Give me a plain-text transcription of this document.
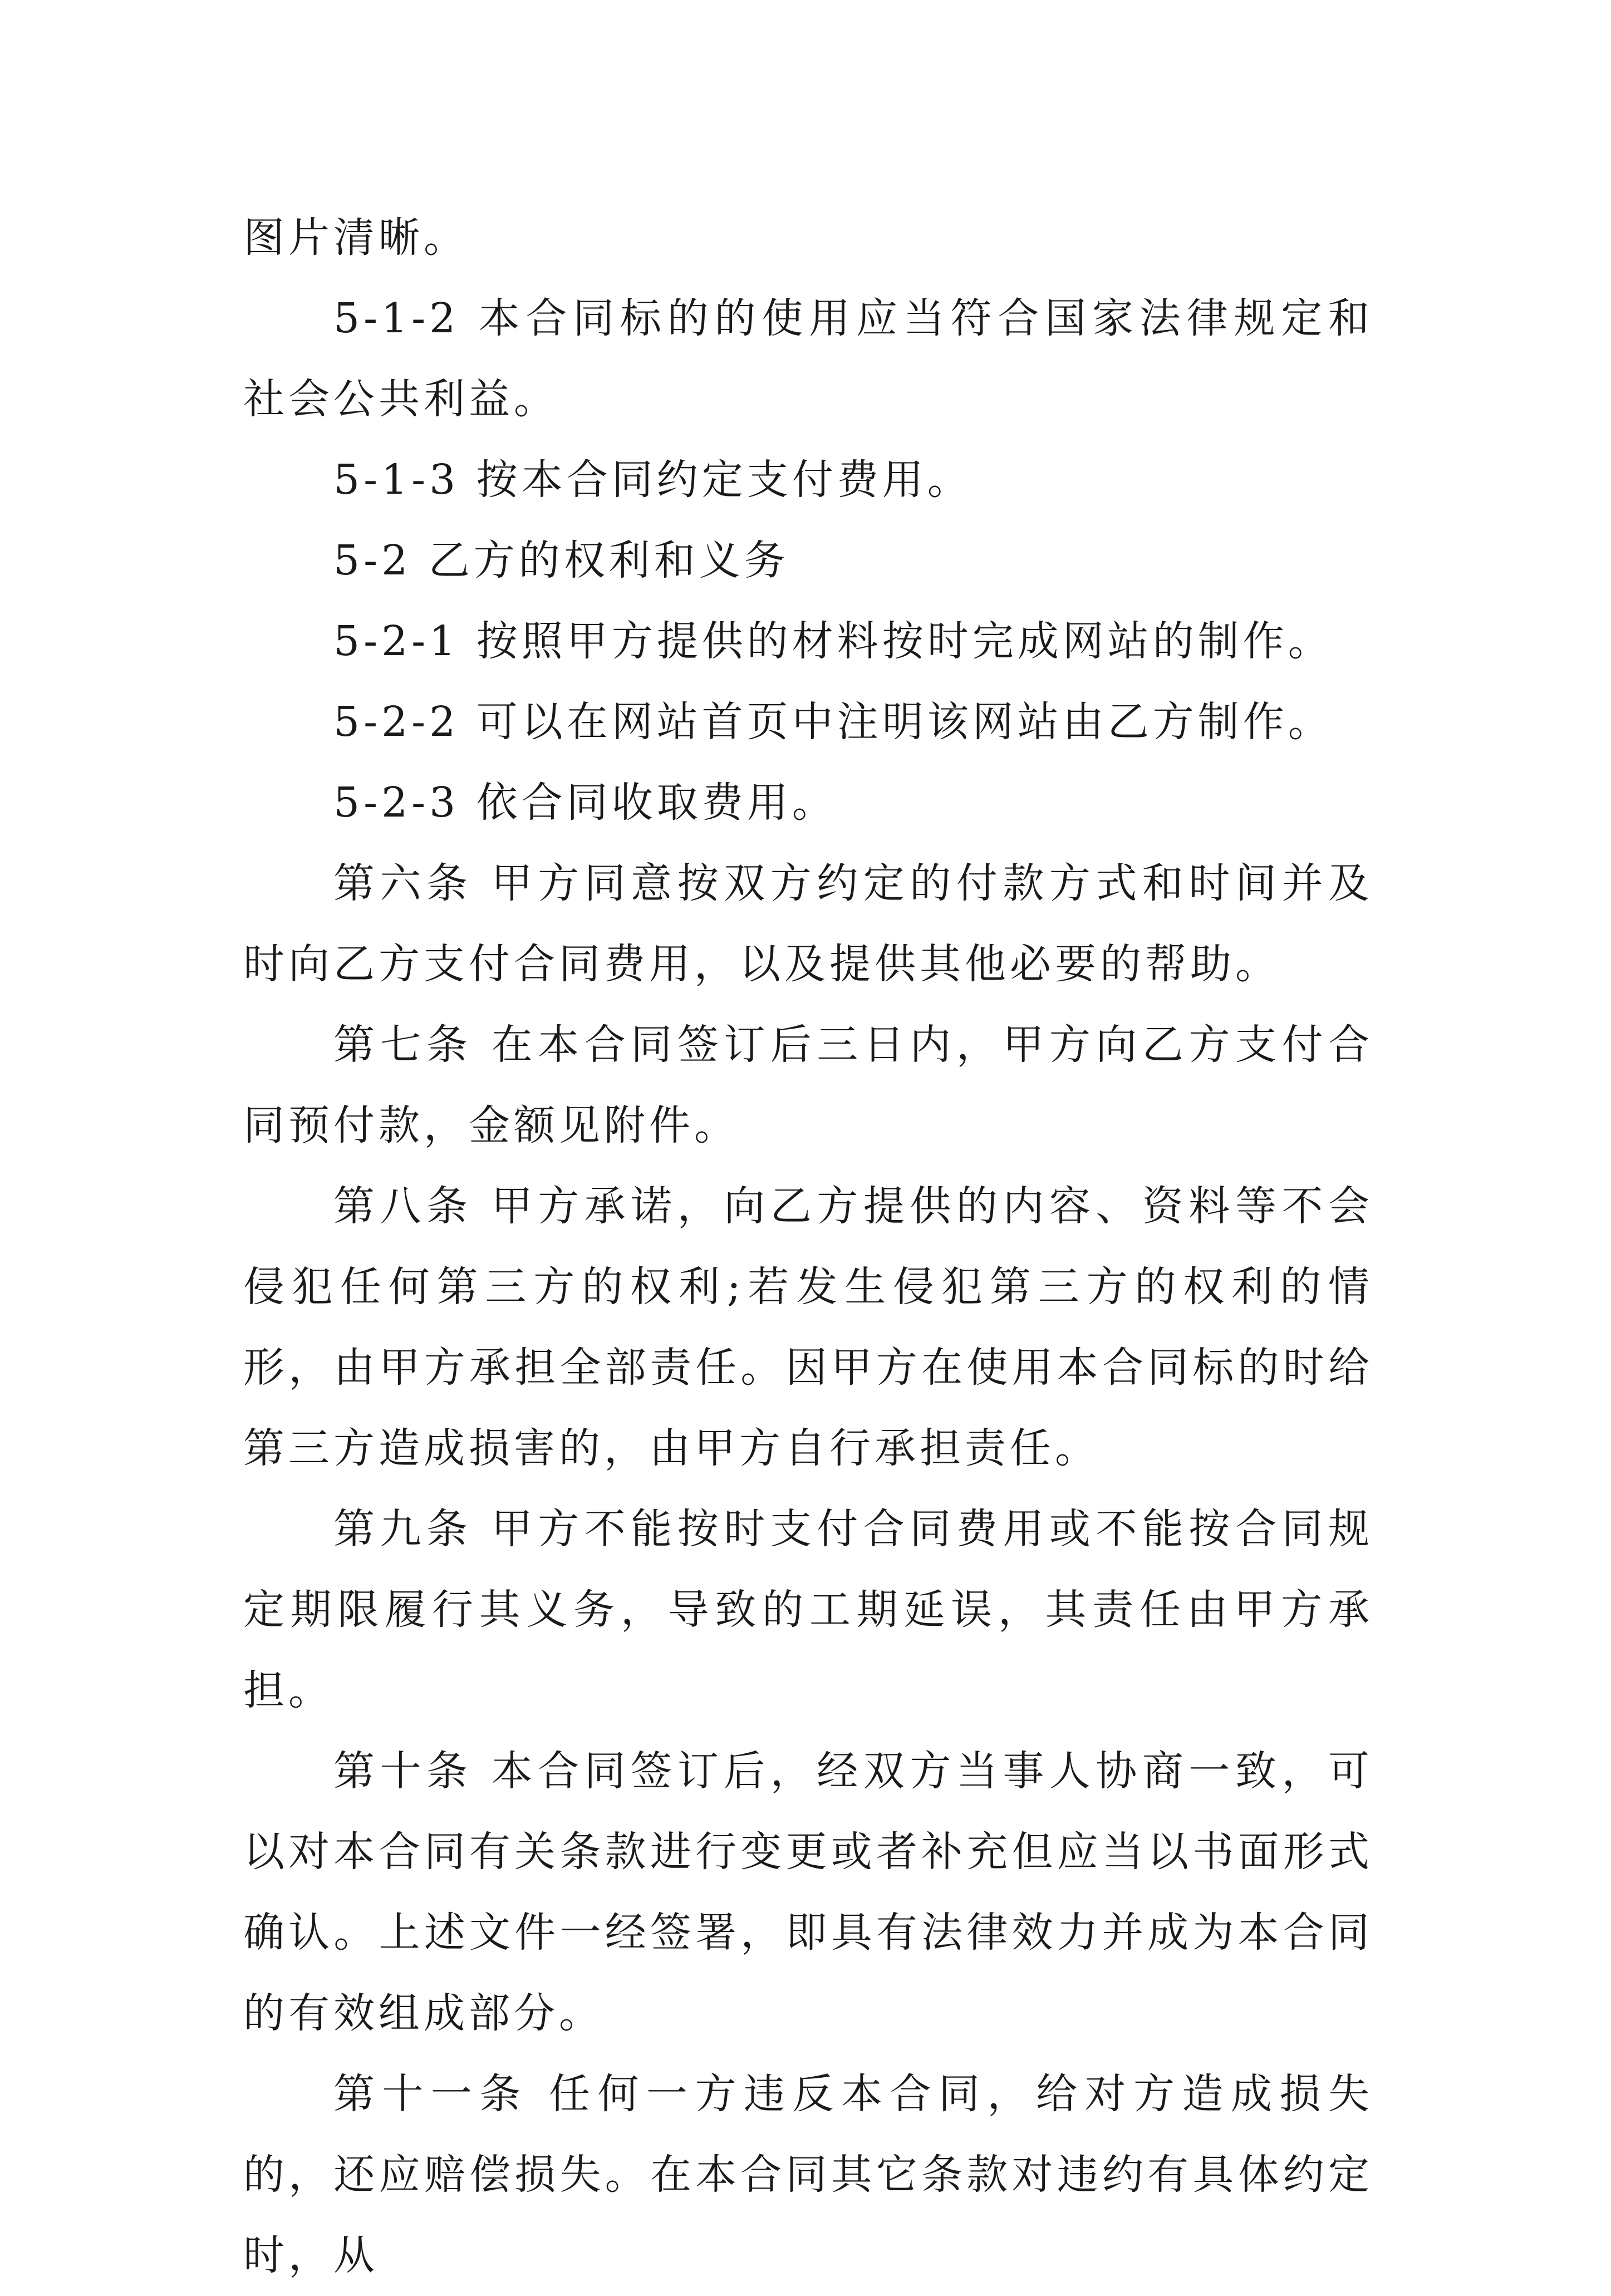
图片清晰。

5-1-2 本合同标的的使用应当符合国家法律规定和社会公共利益。

5-1-3 按本合同约定支付费用。

5-2 乙方的权利和义务

5-2-1 按照甲方提供的材料按时完成网站的制作。

5-2-2 可以在网站首页中注明该网站由乙方制作。

5-2-3 依合同收取费用。

第六条 甲方同意按双方约定的付款方式和时间并及时向乙方支付合同费用，以及提供其他必要的帮助。

第七条 在本合同签订后三日内，甲方向乙方支付合同预付款，金额见附件。

第八条 甲方承诺，向乙方提供的内容、资料等不会侵犯任何第三方的权利;若发生侵犯第三方的权利的情形，由甲方承担全部责任。因甲方在使用本合同标的时给第三方造成损害的，由甲方自行承担责任。

第九条 甲方不能按时支付合同费用或不能按合同规定期限履行其义务，导致的工期延误，其责任由甲方承担。

第十条 本合同签订后，经双方当事人协商一致，可以对本合同有关条款进行变更或者补充但应当以书面形式确认。上述文件一经签署，即具有法律效力并成为本合同的有效组成部分。

第十一条 任何一方违反本合同，给对方造成损失的，还应赔偿损失。在本合同其它条款对违约有具体约定时，从
